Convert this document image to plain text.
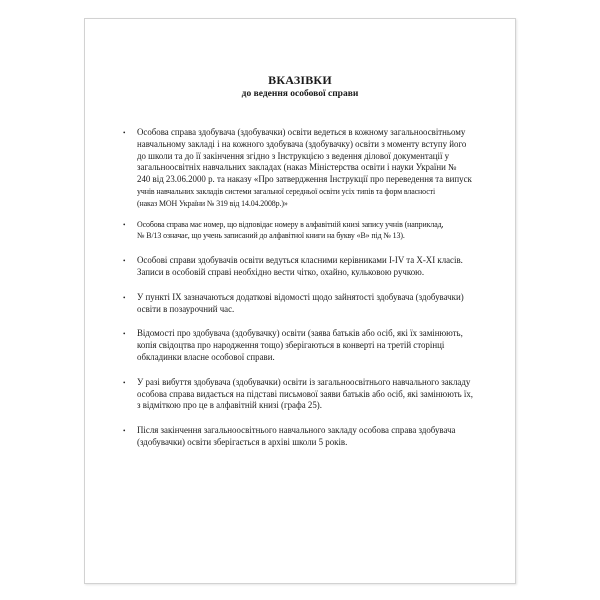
ВКАЗІВКИ
до ведення особової справи
•	Особова справа здобувача (здобувачки) освіти ведеться в кожному загальноосвітньому
навчальному закладі і на кожного здобувача (здобувачку) освіти з моменту вступу його
до школи та до її закінчення згідно з Інструкцією з ведення ділової документації у
загальноосвітніх навчальних закладах (наказ Міністерства освіти і науки України №
240 від 23.06.2000 р. та наказу «Про затвердження Інструкції про переведення та випуск
учнів навчальних закладів системи загальної середньої освіти усіх типів та форм власності
(наказ МОН України № 319 від 14.04.2008р.)»
•	Особова справа має номер, що відповідає номеру в алфавітній книзі запису учнів (наприклад,
№ В/13 означає, що учень записаний до алфавітної книги на букву «В» під № 13).
•	Особові справи здобувачів освіти ведуться класними керівниками І-ІV та Х-ХІ класів.
Записи в особовій справі необхідно вести чітко, охайно, кульковою ручкою.
•	У пункті ІХ зазначаються додаткові відомості щодо зайнятості здобувача (здобувачки)
освіти в позаурочний час.
•	Відомості про здобувача (здобувачку) освіти (заява батьків або осіб, які їх замінюють,
копія свідоцтва про народження тощо) зберігаються в конверті на третій сторінці
обкладинки власне особової справи.
•	У разі вибуття здобувача (здобувачки) освіти із загальноосвітнього навчального закладу
особова справа видається на підставі письмової заяви батьків або осіб, які замінюють їх,
з відміткою про це в алфавітній книзі (графа 25).
•	Після закінчення загальноосвітнього навчального закладу особова справа здобувача
(здобувачки) освіти зберігається в архіві школи 5 років.
